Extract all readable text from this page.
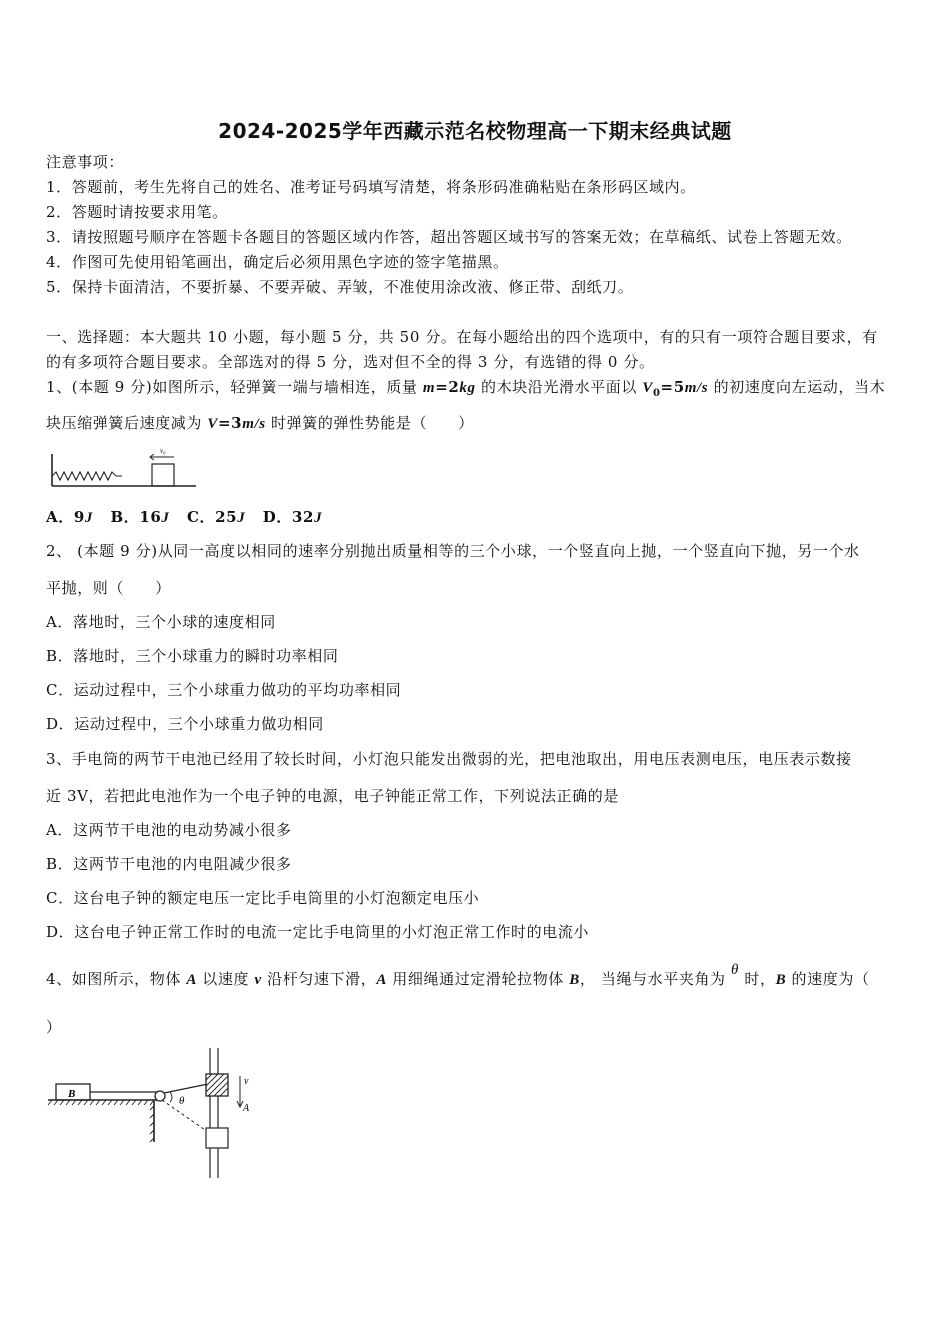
2024-2025学年西藏示范名校物理高一下期末经典试题
注意事项：
1．答题前，考生先将自己的姓名、准考证号码填写清楚，将条形码准确粘贴在条形码区域内。
2．答题时请按要求用笔。
3．请按照题号顺序在答题卡各题目的答题区域内作答，超出答题区域书写的答案无效；在草稿纸、试卷上答题无效。
4．作图可先使用铅笔画出，确定后必须用黑色字迹的签字笔描黑。
5．保持卡面清洁，不要折暴、不要弄破、弄皱，不准使用涂改液、修正带、刮纸刀。
一、选择题：本大题共 10 小题，每小题 5 分，共 50 分。在每小题给出的四个选项中，有的只有一项符合题目要求，有
的有多项符合题目要求。全部选对的得 5 分，选对但不全的得 3 分，有选错的得 0 分。
1、(本题 9 分)如图所示，轻弹簧一端与墙相连，质量 m=2kg 的木块沿光滑水平面以 $V_0=5m/s$ 的初速度向左运动，当木
块压缩弹簧后速度减为 V=3m/s 时弹簧的弹性势能是（　　）
v₀
A．9J B．16J C．25J D．32J
2、 (本题 9 分)从同一高度以相同的速率分别抛出质量相等的三个小球，一个竖直向上抛，一个竖直向下抛，另一个水
平抛，则（　　）
A．落地时，三个小球的速度相同
B．落地时，三个小球重力的瞬时功率相同
C．运动过程中，三个小球重力做功的平均功率相同
D．运动过程中，三个小球重力做功相同
3、手电筒的两节干电池已经用了较长时间，小灯泡只能发出微弱的光，把电池取出，用电压表测电压，电压表示数接
近 3V，若把此电池作为一个电子钟的电源，电子钟能正常工作，下列说法正确的是
A．这两节干电池的电动势减小很多
B．这两节干电池的内电阻减少很多
C．这台电子钟的额定电压一定比手电筒里的小灯泡额定电压小
D．这台电子钟正常工作时的电流一定比手电筒里的小灯泡正常工作时的电流小
4、如图所示，物体 A 以速度 v 沿杆匀速下滑，A 用细绳通过定滑轮拉物体 B， 当绳与水平夹角为 θ 时，B 的速度为（
）
B
θ
v
A
